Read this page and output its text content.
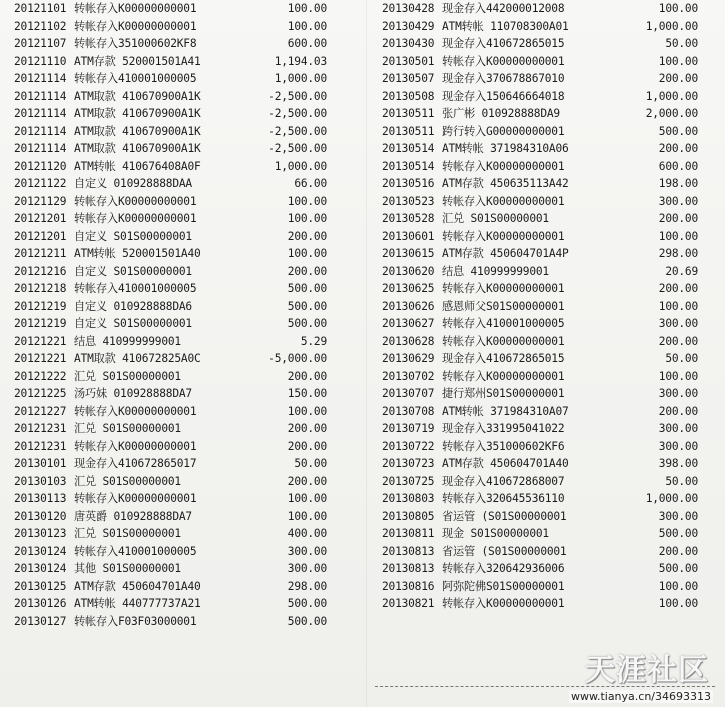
20121101 转帐存入K00000000001	100.00
20121102 转帐存入K00000000001	100.00
20121107 转帐存入351000602KF8	600.00
20121110 ATM存款 520001501A41	1,194.03
20121114 转帐存入410001000005	1,000.00
20121114 ATM取款 410670900A1K	-2,500.00
20121114 ATM取款 410670900A1K	-2,500.00
20121114 ATM取款 410670900A1K	-2,500.00
20121114 ATM取款 410670900A1K	-2,500.00
20121120 ATM转帐 410676408A0F	1,000.00
20121122 自定义 010928888DAA	66.00
20121129 转帐存入K00000000001	100.00
20121201 转帐存入K00000000001	100.00
20121201 自定义 S01S00000001	200.00
20121211 ATM转帐 520001501A40	100.00
20121216 自定义 S01S00000001	200.00
20121218 转帐存入410001000005	500.00
20121219 自定义 010928888DA6	500.00
20121219 自定义 S01S00000001	500.00
20121221 结息 410999999001	5.29
20121221 ATM取款 410672825A0C	-5,000.00
20121222 汇兑 S01S00000001	200.00
20121225 汤巧妹 010928888DA7	150.00
20121227 转帐存入K00000000001	100.00
20121231 汇兑 S01S00000001	200.00
20121231 转帐存入K00000000001	200.00
20130101 现金存入410672865017	50.00
20130103 汇兑 S01S00000001	200.00
20130113 转帐存入K00000000001	100.00
20130120 唐英爵 010928888DA7	100.00
20130123 汇兑 S01S00000001	400.00
20130124 转帐存入410001000005	300.00
20130124 其他 S01S00000001	300.00
20130125 ATM存款 450604701A40	298.00
20130126 ATM转帐 440777737A21	500.00
20130127 转帐存入F03F03000001	500.00
20130428 现金存入442000012008	100.00
20130429 ATM转帐 110708300A01	1,000.00
20130430 现金存入410672865015	50.00
20130501 转帐存入K00000000001	100.00
20130507 现金存入370678867010	200.00
20130508 现金存入150646664018	1,000.00
20130511 张广彬 010928888DA9	2,000.00
20130511 跨行转入G00000000001	500.00
20130514 ATM转帐 371984310A06	200.00
20130514 转帐存入K00000000001	600.00
20130516 ATM存款 450635113A42	198.00
20130523 转帐存入K00000000001	300.00
20130528 汇兑 S01S00000001	200.00
20130601 转帐存入K00000000001	100.00
20130615 ATM存款 450604701A4P	298.00
20130620 结息 410999999001	20.69
20130625 转帐存入K00000000001	200.00
20130626 感恩师父S01S00000001	100.00
20130627 转帐存入410001000005	300.00
20130628 转帐存入K00000000001	200.00
20130629 现金存入410672865015	50.00
20130702 转帐存入K00000000001	100.00
20130707 捷行郑州S01S00000001	300.00
20130708 ATM转帐 371984310A07	200.00
20130719 现金存入331995041022	300.00
20130722 转帐存入351000602KF6	300.00
20130723 ATM存款 450604701A40	398.00
20130725 现金存入410672868007	50.00
20130803 转帐存入320645536110	1,000.00
20130805 省运管 (S01S00000001	300.00
20130811 现金 S01S00000001	500.00
20130813 省运管 (S01S00000001	200.00
20130813 转帐存入320642936006	500.00
20130816 阿弥陀佛S01S00000001	100.00
20130821 转帐存入K00000000001	100.00
天涯社区
www.tianya.cn/34693313
